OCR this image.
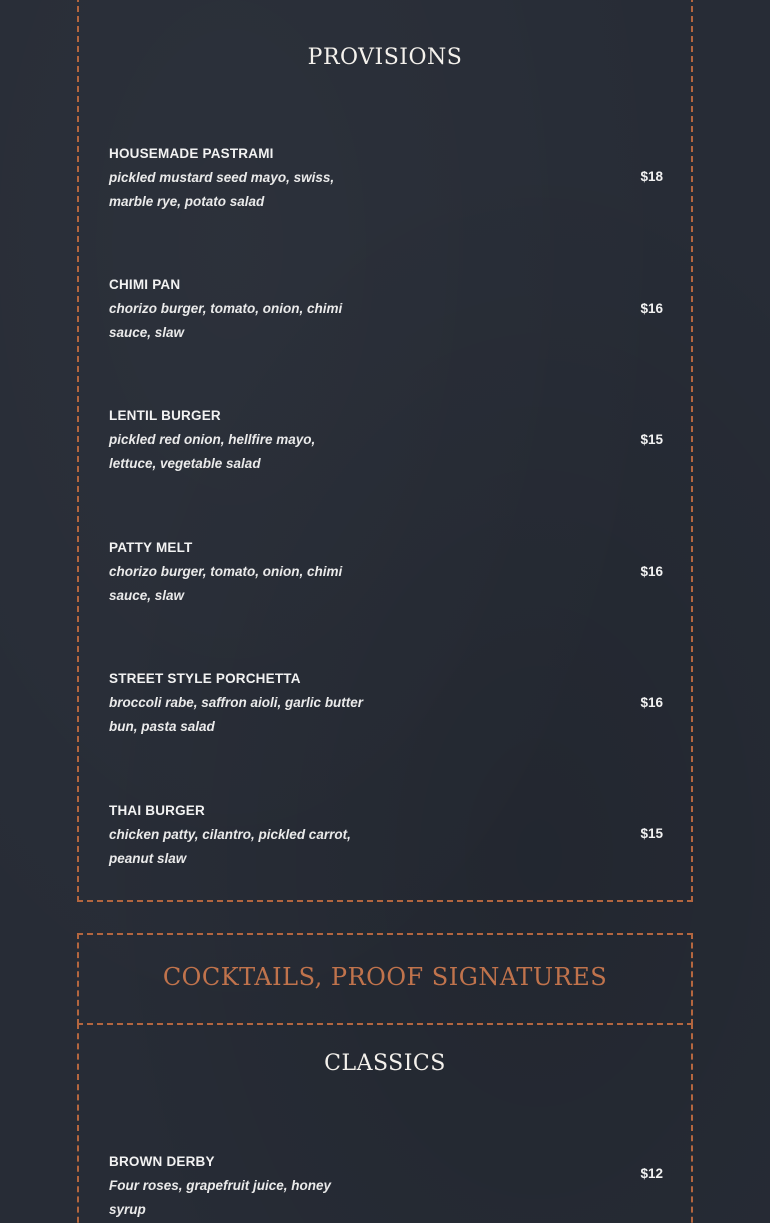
PROVISIONS
HOUSEMADE PASTRAMI
pickled mustard seed mayo, swiss, marble rye, potato salad
$18
CHIMI PAN
chorizo burger, tomato, onion, chimi sauce, slaw
$16
LENTIL BURGER
pickled red onion, hellfire mayo, lettuce, vegetable salad
$15
PATTY MELT
chorizo burger, tomato, onion, chimi sauce, slaw
$16
STREET STYLE PORCHETTA
broccoli rabe, saffron aioli, garlic butter bun, pasta salad
$16
THAI BURGER
chicken patty, cilantro, pickled carrot, peanut slaw
$15
COCKTAILS, PROOF SIGNATURES
CLASSICS
BROWN DERBY
Four roses, grapefruit juice, honey syrup
$12
